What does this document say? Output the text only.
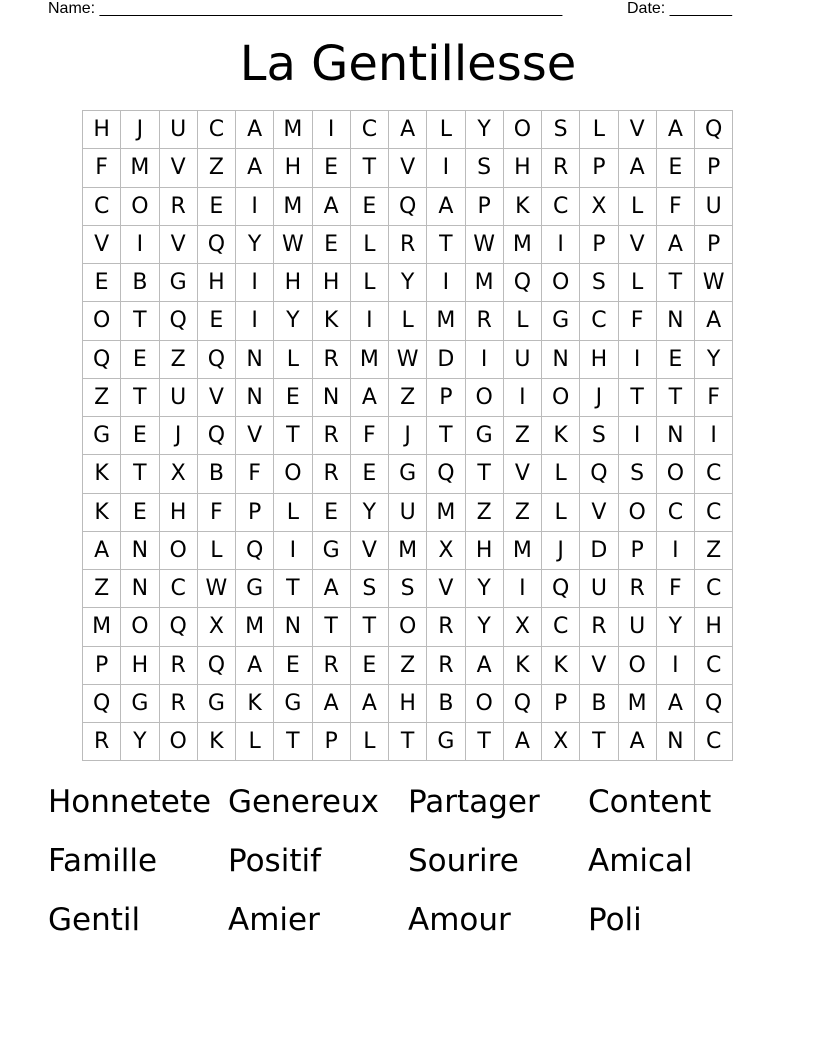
Name: ____________________________________________________	Date: _______
La Gentillesse
H	J	U	C	A M	I	C	A	L	Y	O	S	L	V	A	Q
F	M V	Z	A	H	E	T	V	I	S	H	R	P	A	E	P
C O R	E	I	M A	E	Q	A	P	K	C	X	L	F	U
V	I	V	Q	Y W E	L	R	T W M	I	P	V	A	P
E	B	G H	I	H H	L	Y	I	M Q O	S	L	T W
O	T	Q	E	I	Y	K	I	L	M R	L	G	C	F	N	A
Q	E	Z	Q N	L	R M W D	I	U N H	I	E	Y
Z	T	U	V	N	E	N	A	Z	P	O	I	O	J	T	T	F
G	E	J	Q	V	T	R	F	J	T	G	Z	K	S	I	N	I
K	T	X	B	F	O R	E	G Q	T	V	L	Q	S	O C
K	E	H	F	P	L	E	Y	U M Z	Z	L	V	O C	C
A	N O	L	Q	I	G	V M X	H M	J	D	P	I	Z
Z	N	C W G	T	A	S	S	V	Y	I	Q U	R	F	C
M O Q	X M N	T	T	O R	Y	X	C	R	U	Y	H
P	H	R Q	A	E	R	E	Z	R	A	K	K	V	O	I	C
Q G	R	G	K	G	A	A	H	B	O Q	P	B M A	Q
R	Y	O	K	L	T	P	L	T	G	T	A	X	T	A	N	C
Honnetete Genereux Partager	Content
Famille	Positif	Sourire	Amical
Gentil	Amier	Amour	Poli
